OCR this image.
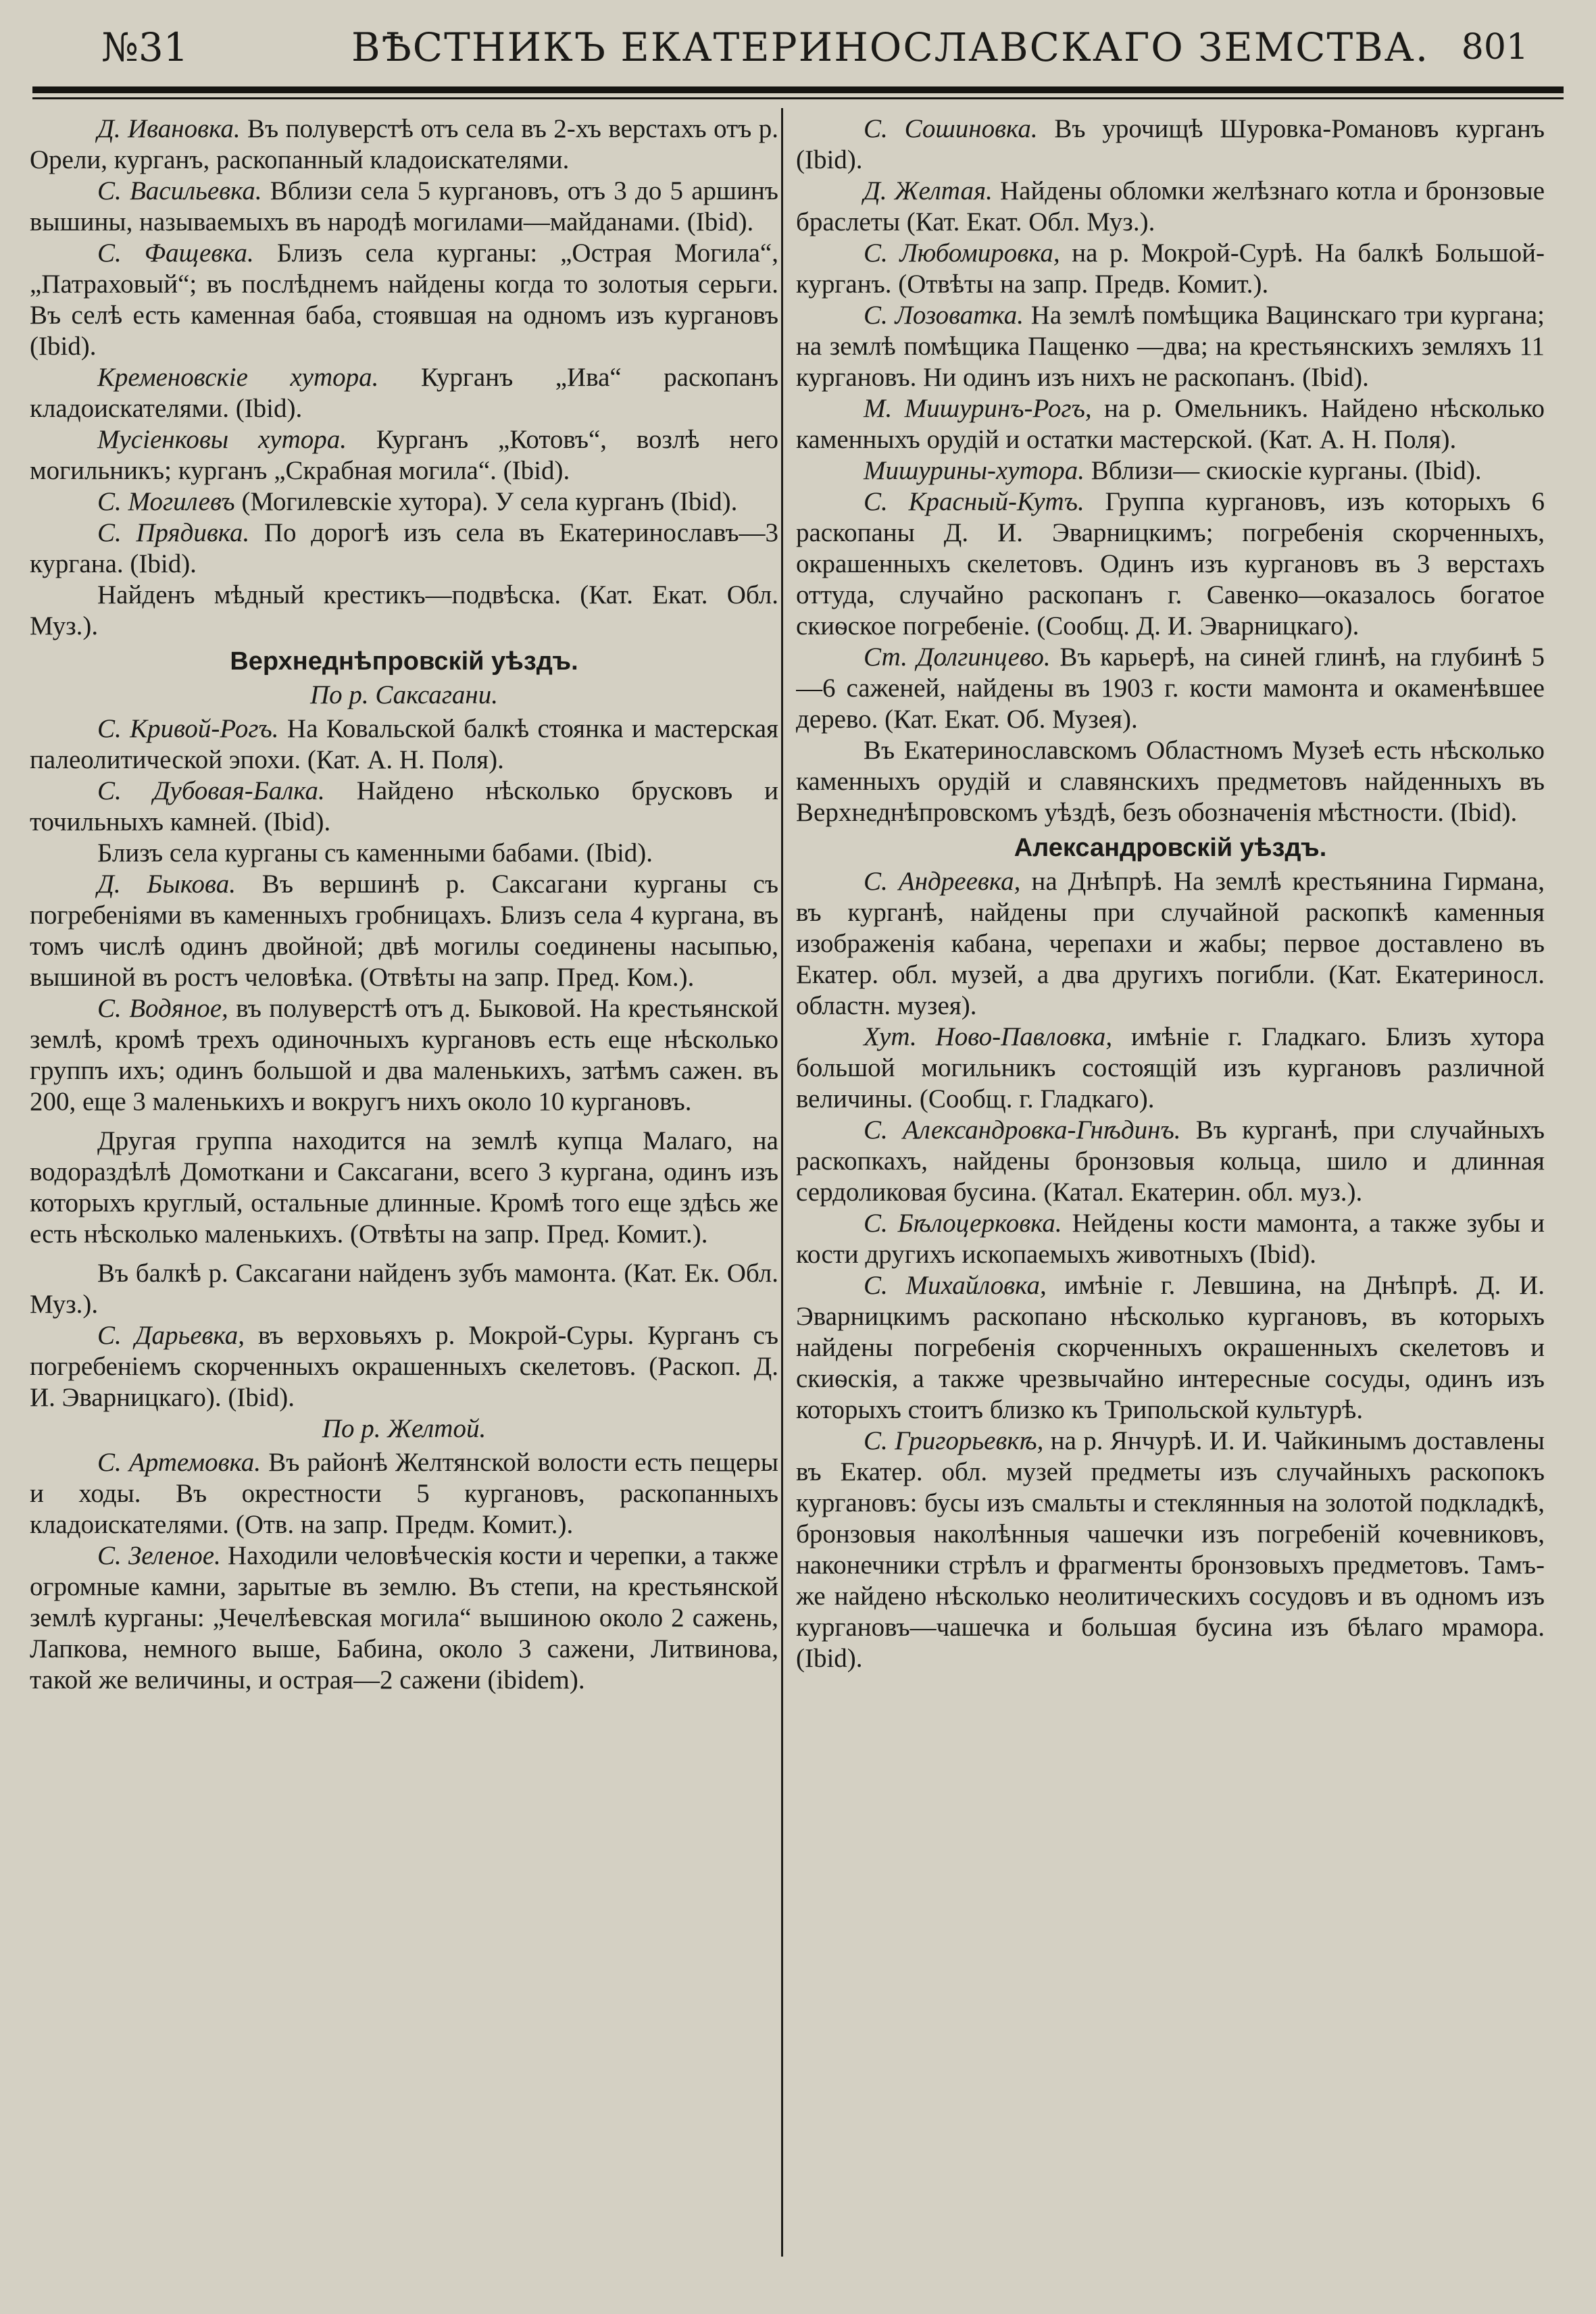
№31	ВѢСТНИКЪ ЕКАТЕРИНОСЛАВСКАГО ЗЕМСТВА. 801

Д. Ивановка. Въ полуверстѣ отъ села въ 2-хъ верстахъ отъ р. Орели, курганъ, раскопанный кладоискателями.

С. Васильевка. Вблизи села 5 кургановъ, отъ 3 до 5 аршинъ вышины, называемыхъ въ народѣ могилами—майданами. (Ibid).

С. Фащевка. Близъ села курганы: „Острая Могила“, „Патраховый“; въ послѣднемъ найдены когда то золотыя серьги. Въ селѣ есть каменная баба, стоявшая на одномъ изъ кургановъ (Ibid).

Кременовскіе хутора. Курганъ „Ива“ раскопанъ кладоискателями. (Ibid).

Мусіенковы хутора. Курганъ „Котовъ“, возлѣ него могильникъ; курганъ „Скрабная могила“. (Ibid).

С. Могилевъ (Могилевскіе хутора). У села курганъ (Ibid).

С. Прядивка. По дорогѣ изъ села въ Екатеринославъ—3 кургана. (Ibid).

Найденъ мѣдный крестикъ—подвѣска. (Кат. Екат. Обл. Муз.).

Верхнеднѣпровскій уѣздъ.

По р. Саксагани.

С. Кривой-Рогъ. На Ковальской балкѣ стоянка и мастерская палеолитической эпохи. (Кат. А. Н. Поля).

С. Дубовая-Балка. Найдено нѣсколько брусковъ и точильныхъ камней. (Ibid).

Близъ села курганы съ каменными бабами. (Ibid).

Д. Быкова. Въ вершинѣ р. Саксагани курганы съ погребеніями въ каменныхъ гробницахъ. Близъ села 4 кургана, въ томъ числѣ одинъ двойной; двѣ могилы соединены насыпью, вышиной въ ростъ человѣка. (Отвѣты на запр. Пред. Ком.).

С. Водяное, въ полуверстѣ отъ д. Быковой. На крестьянской землѣ, кромѣ трехъ одиночныхъ кургановъ есть еще нѣсколько группъ ихъ; одинъ большой и два маленькихъ, затѣмъ сажен. въ 200, еще 3 маленькихъ и вокругъ нихъ около 10 кургановъ.

Другая группа находится на землѣ купца Малаго, на водораздѣлѣ Домоткани и Саксагани, всего 3 кургана, одинъ изъ которыхъ круглый, остальные длинные. Кромѣ того еще здѣсь же есть нѣсколько маленькихъ. (Отвѣты на запр. Пред. Комит.).

Въ балкѣ р. Саксагани найденъ зубъ мамонта. (Кат. Ек. Обл. Муз.).

С. Дарьевка, въ верховьяхъ р. Мокрой-Суры. Курганъ съ погребеніемъ скорченныхъ окрашенныхъ скелетовъ. (Раскоп. Д. И. Эварницкаго). (Ibid).

По р. Желтой.

С. Артемовка. Въ районѣ Желтянской волости есть пещеры и ходы. Въ окрестности 5 кургановъ, раскопанныхъ кладоискателями. (Отв. на запр. Предм. Комит.).

С. Зеленое. Находили человѣческія кости и черепки, а также огромные камни, зарытые въ землю. Въ степи, на крестьянской землѣ курганы: „Чечелѣевская могила“ вышиною около 2 сажень, Лапкова, немного выше, Бабина, около 3 сажени, Литвинова, такой же величины, и острая—2 сажени (ibidem).

С. Сошиновка. Въ урочищѣ Шуровка-Романовъ курганъ (Ibid).

Д. Желтая. Найдены обломки желѣзнаго котла и бронзовые браслеты (Кат. Екат. Обл. Муз.).

С. Любомировка, на р. Мокрой-Сурѣ. На балкѣ Большой-курганъ. (Отвѣты на запр. Предв. Комит.).

С. Лозоватка. На землѣ помѣщика Вацинскаго три кургана; на землѣ помѣщика Пащенко —два; на крестьянскихъ земляхъ 11 кургановъ. Ни одинъ изъ нихъ не раскопанъ. (Ibid).

М. Мишуринъ-Рогъ, на р. Омельникъ. Найдено нѣсколько каменныхъ орудій и остатки мастерской. (Кат. А. Н. Поля).

Мишурины-хутора. Вблизи— скиоскіе курганы. (Ibid).

С. Красный-Кутъ. Группа кургановъ, изъ которыхъ 6 раскопаны Д. И. Эварницкимъ; погребенія скорченныхъ, окрашенныхъ скелетовъ. Одинъ изъ кургановъ въ 3 верстахъ оттуда, случайно раскопанъ г. Савенко—оказалось богатое скиѳское погребеніе. (Сообщ. Д. И. Эварницкаго).

Ст. Долгинцево. Въ карьерѣ, на синей глинѣ, на глубинѣ 5—6 саженей, найдены въ 1903 г. кости мамонта и окаменѣвшее дерево. (Кат. Екат. Об. Музея).

Въ Екатеринославскомъ Областномъ Музеѣ есть нѣсколько каменныхъ орудій и славянскихъ предметовъ найденныхъ въ Верхнеднѣпровскомъ уѣздѣ, безъ обозначенія мѣстности. (Ibid).

Александровскій уѣздъ.

С. Андреевка, на Днѣпрѣ. На землѣ крестьянина Гирмана, въ курганѣ, найдены при случайной раскопкѣ каменныя изображенія кабана, черепахи и жабы; первое доставлено въ Екатер. обл. музей, а два другихъ погибли. (Кат. Екатериносл. областн. музея).

Хут. Ново-Павловка, имѣніе г. Гладкаго. Близъ хутора большой могильникъ состоящій изъ кургановъ различной величины. (Сообщ. г. Гладкаго).

С. Александровка-Гнѣдинъ. Въ курганѣ, при случайныхъ раскопкахъ, найдены бронзовыя кольца, шило и длинная сердоликовая бусина. (Катал. Екатерин. обл. муз.).

С. Бѣлоцерковка. Нейдены кости мамонта, а также зубы и кости другихъ ископаемыхъ животныхъ (Ibid).

С. Михайловка, имѣніе г. Левшина, на Днѣпрѣ. Д. И. Эварницкимъ раскопано нѣсколько кургановъ, въ которыхъ найдены погребенія скорченныхъ окрашенныхъ скелетовъ и скиѳскія, а также чрезвычайно интересные сосуды, одинъ изъ которыхъ стоитъ близко къ Трипольской культурѣ.

С. Григорьевкѣ, на р. Янчурѣ. И. И. Чайкинымъ доставлены въ Екатер. обл. музей предметы изъ случайныхъ раскопокъ кургановъ: бусы изъ смальты и стеклянныя на золотой подкладкѣ, бронзовыя наколѣнныя чашечки изъ погребеній кочевниковъ, наконечники стрѣлъ и фрагменты бронзовыхъ предметовъ. Тамъ-же найдено нѣсколько неолитическихъ сосудовъ и въ одномъ изъ кургановъ—чашечка и большая бусина изъ бѣлаго мрамора. (Ibid).
